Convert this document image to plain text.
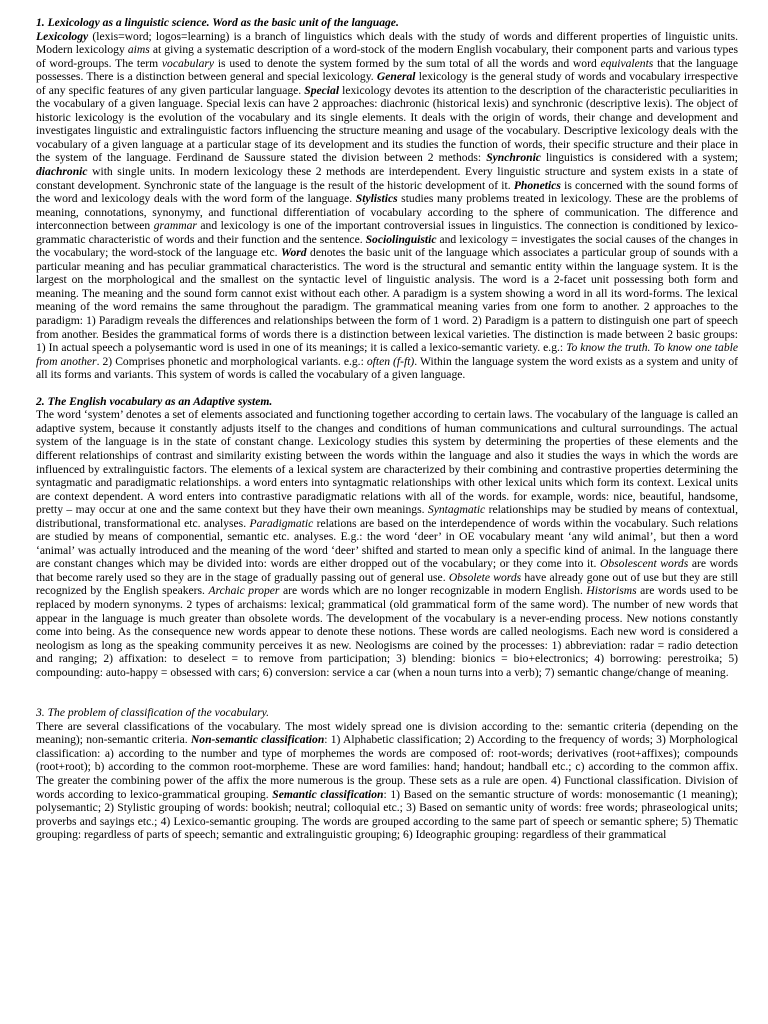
1. Lexicology as a linguistic science. Word as the basic unit of the language.

Lexicology (lexis=word; logos=learning) is a branch of linguistics which deals with the study of words and different properties of linguistic units. Modern lexicology aims at giving a systematic description of a word-stock of the modern English vocabulary, their component parts and various types of word-groups. The term vocabulary is used to denote the system formed by the sum total of all the words and word equivalents that the language possesses. There is a distinction between general and special lexicology. General lexicology is the general study of words and vocabulary irrespective of any specific features of any given particular language. Special lexicology devotes its attention to the description of the characteristic peculiarities in the vocabulary of a given language. Special lexis can have 2 approaches: diachronic (historical lexis) and synchronic (descriptive lexis). The object of historic lexicology is the evolution of the vocabulary and its single elements. It deals with the origin of words, their change and development and investigates linguistic and extralinguistic factors influencing the structure meaning and usage of the vocabulary. Descriptive lexicology deals with the vocabulary of a given language at a particular stage of its development and its studies the function of words, their specific structure and their place in the system of the language. Ferdinand de Saussure stated the division between 2 methods: Synchronic linguistics is considered with a system; diachronic with single units. In modern lexicology these 2 methods are interdependent. Every linguistic structure and system exists in a state of constant development. Synchronic state of the language is the result of the historic development of it. Phonetics is concerned with the sound forms of the word and lexicology deals with the word form of the language. Stylistics studies many problems treated in lexicology. These are the problems of meaning, connotations, synonymy, and functional differentiation of vocabulary according to the sphere of communication. The difference and interconnection between grammar and lexicology is one of the important controversial issues in linguistics. The connection is conditioned by lexico-grammatic characteristic of words and their function and the sentence. Sociolinguistic and lexicology = investigates the social causes of the changes in the vocabulary; the word-stock of the language etc. Word denotes the basic unit of the language which associates a particular group of sounds with a particular meaning and has peculiar grammatical characteristics. The word is the structural and semantic entity within the language system. It is the largest on the morphological and the smallest on the syntactic level of linguistic analysis. The word is a 2-facet unit possessing both form and meaning. The meaning and the sound form cannot exist without each other. A paradigm is a system showing a word in all its word-forms. The lexical meaning of the word remains the same throughout the paradigm. The grammatical meaning varies from one form to another. 2 approaches to the paradigm: 1) Paradigm reveals the differences and relationships between the form of 1 word. 2) Paradigm is a pattern to distinguish one part of speech from another. Besides the grammatical forms of words there is a distinction between lexical varieties. The distinction is made between 2 basic groups: 1) In actual speech a polysemantic word is used in one of its meanings; it is called a lexico-semantic variety. e.g.: To know the truth. To know one table from another. 2) Comprises phonetic and morphological variants. e.g.: often (f-ft). Within the language system the word exists as a system and unity of all its forms and variants. This system of words is called the vocabulary of a given language.

2. The English vocabulary as an Adaptive system.

The word ‘system’ denotes a set of elements associated and functioning together according to certain laws. The vocabulary of the language is called an adaptive system, because it constantly adjusts itself to the changes and conditions of human communications and cultural surroundings. The actual system of the language is in the state of constant change. Lexicology studies this system by determining the properties of these elements and the different relationships of contrast and similarity existing between the words within the language and also it studies the ways in which the words are influenced by extralinguistic factors. The elements of a lexical system are characterized by their combining and contrastive properties determining the syntagmatic and paradigmatic relationships. a word enters into syntagmatic relationships with other lexical units which form its context. Lexical units are context dependent. A word enters into contrastive paradigmatic relations with all of the words. for example, words: nice, beautiful, handsome, pretty – may occur at one and the same context but they have their own meanings. Syntagmatic relationships may be studied by means of contextual, distributional, transformational etc. analyses. Paradigmatic relations are based on the interdependence of words within the vocabulary. Such relations are studied by means of componential, semantic etc. analyses. E.g.: the word ‘deer’ in OE vocabulary meant ‘any wild animal’, but then a word ‘animal’ was actually introduced and the meaning of the word ‘deer’ shifted and started to mean only a specific kind of animal. In the language there are constant changes which may be divided into: words are either dropped out of the vocabulary; or they come into it. Obsolescent words are words that become rarely used so they are in the stage of gradually passing out of general use. Obsolete words have already gone out of use but they are still recognized by the English speakers. Archaic proper are words which are no longer recognizable in modern English. Historisms are words used to be replaced by modern synonyms. 2 types of archaisms: lexical; grammatical (old grammatical form of the same word). The number of new words that appear in the language is much greater than obsolete words. The development of the vocabulary is a never-ending process. New notions constantly come into being. As the consequence new words appear to denote these notions. These words are called neologisms. Each new word is considered a neologism as long as the speaking community perceives it as new. Neologisms are coined by the processes: 1) abbreviation: radar = radio detection and ranging; 2) affixation: to deselect = to remove from participation; 3) blending: bionics = bio+electronics; 4) borrowing: perestroika; 5) compounding: auto-happy = obsessed with cars; 6) conversion: service a car (when a noun turns into a verb); 7) semantic change/change of meaning.

3. The problem of classification of the vocabulary.

There are several classifications of the vocabulary. The most widely spread one is division according to the: semantic criteria (depending on the meaning); non-semantic criteria. Non-semantic classification: 1) Alphabetic classification; 2) According to the frequency of words; 3) Morphological classification: a) according to the number and type of morphemes the words are composed of: root-words; derivatives (root+affixes); compounds (root+root); b) according to the common root-morpheme. These are word families: hand; handout; handball etc.; c) according to the common affix. The greater the combining power of the affix the more numerous is the group. These sets as a rule are open. 4) Functional classification. Division of words according to lexico-grammatical grouping. Semantic classification: 1) Based on the semantic structure of words: monosemantic (1 meaning); polysemantic; 2) Stylistic grouping of words: bookish; neutral; colloquial etc.; 3) Based on semantic unity of words: free words; phraseological units; proverbs and sayings etc.; 4) Lexico-semantic grouping. The words are grouped according to the same part of speech or semantic sphere; 5) Thematic grouping: regardless of parts of speech; semantic and extralinguistic grouping; 6) Ideographic grouping: regardless of their grammatical
